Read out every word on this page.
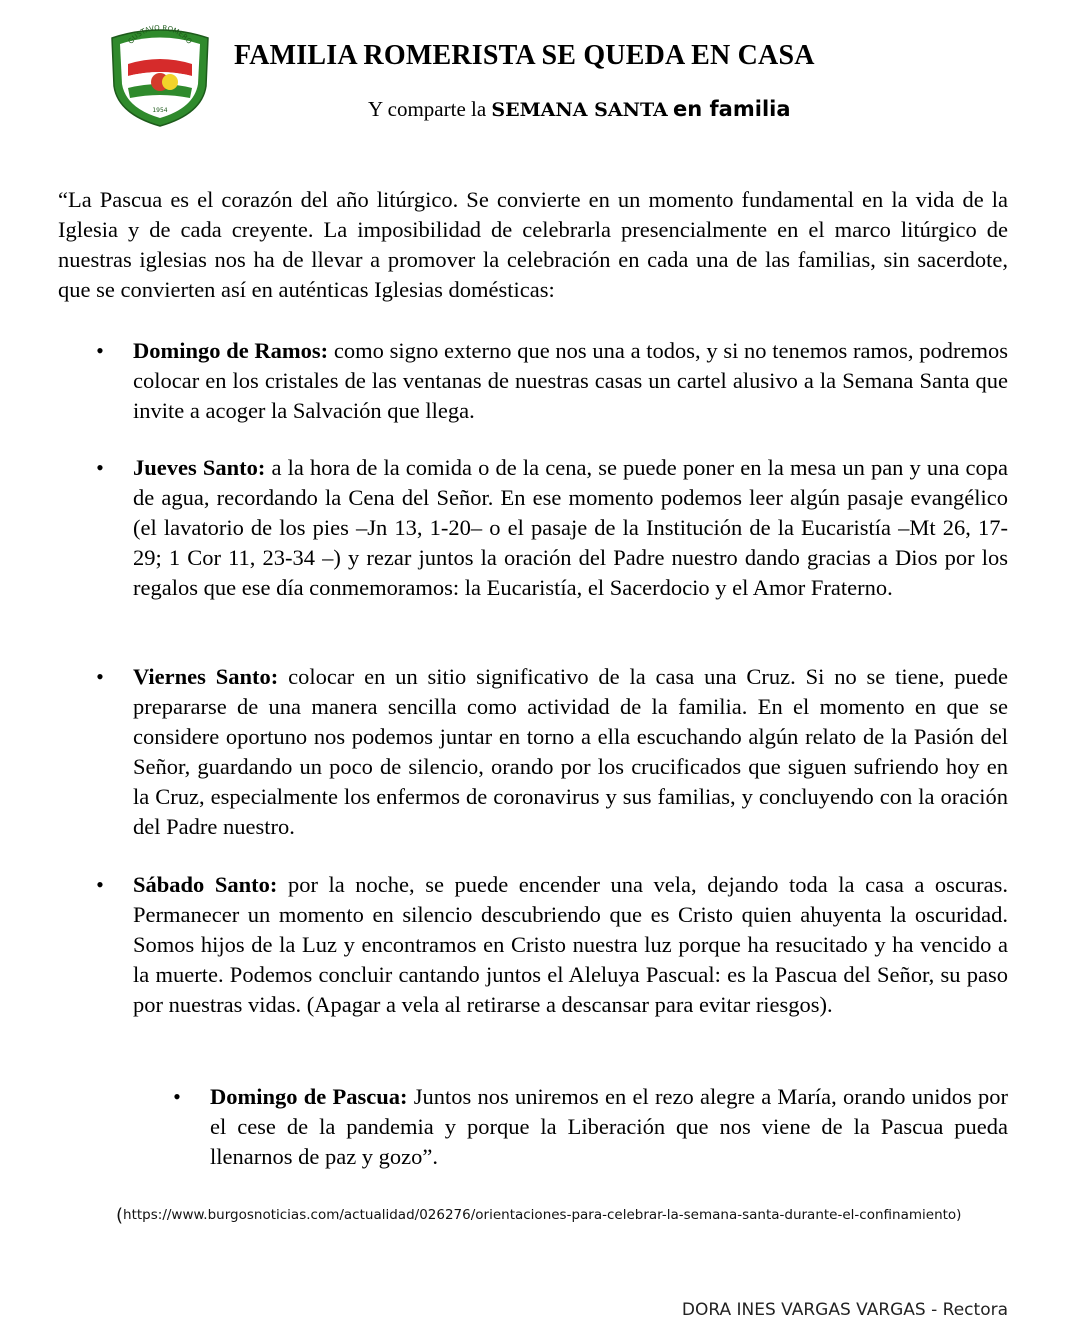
GUSTAVO ROMERO
1954
FAMILIA ROMERISTA SE QUEDA EN CASA
Y comparte la SEMANA SANTA en familia

“La Pascua es el corazón del año litúrgico. Se convierte en un momento fundamental en la vida de la Iglesia y de cada creyente. La imposibilidad de celebrarla presencialmente en el marco litúrgico de nuestras iglesias nos ha de llevar a promover la celebración en cada una de las familias, sin sacerdote, que se convierten así en auténticas Iglesias domésticas:

• Domingo de Ramos: como signo externo que nos una a todos, y si no tenemos ramos, podremos colocar en los cristales de las ventanas de nuestras casas un cartel alusivo a la Semana Santa que invite a acoger la Salvación que llega.
• Jueves Santo: a la hora de la comida o de la cena, se puede poner en la mesa un pan y una copa de agua, recordando la Cena del Señor. En ese momento podemos leer algún pasaje evangélico (el lavatorio de los pies –Jn 13, 1-20– o el pasaje de la Institución de la Eucaristía –Mt 26, 17-29; 1 Cor 11, 23-34 –) y rezar juntos la oración del Padre nuestro dando gracias a Dios por los regalos que ese día conmemoramos: la Eucaristía, el Sacerdocio y el Amor Fraterno.
• Viernes Santo: colocar en un sitio significativo de la casa una Cruz. Si no se tiene, puede prepararse de una manera sencilla como actividad de la familia. En el momento en que se considere oportuno nos podemos juntar en torno a ella escuchando algún relato de la Pasión del Señor, guardando un poco de silencio, orando por los crucificados que siguen sufriendo hoy en la Cruz, especialmente los enfermos de coronavirus y sus familias, y concluyendo con la oración del Padre nuestro.
• Sábado Santo: por la noche, se puede encender una vela, dejando toda la casa a oscuras. Permanecer un momento en silencio descubriendo que es Cristo quien ahuyenta la oscuridad. Somos hijos de la Luz y encontramos en Cristo nuestra luz porque ha resucitado y ha vencido a la muerte. Podemos concluir cantando juntos el Aleluya Pascual: es la Pascua del Señor, su paso por nuestras vidas. (Apagar a vela al retirarse a descansar para evitar riesgos).
• Domingo de Pascua: Juntos nos uniremos en el rezo alegre a María, orando unidos por el cese de la pandemia y porque la Liberación que nos viene de la Pascua pueda llenarnos de paz y gozo”.
(https://www.burgosnoticias.com/actualidad/026276/orientaciones-para-celebrar-la-semana-santa-durante-el-confinamiento)
DORA INES VARGAS VARGAS - Rectora
